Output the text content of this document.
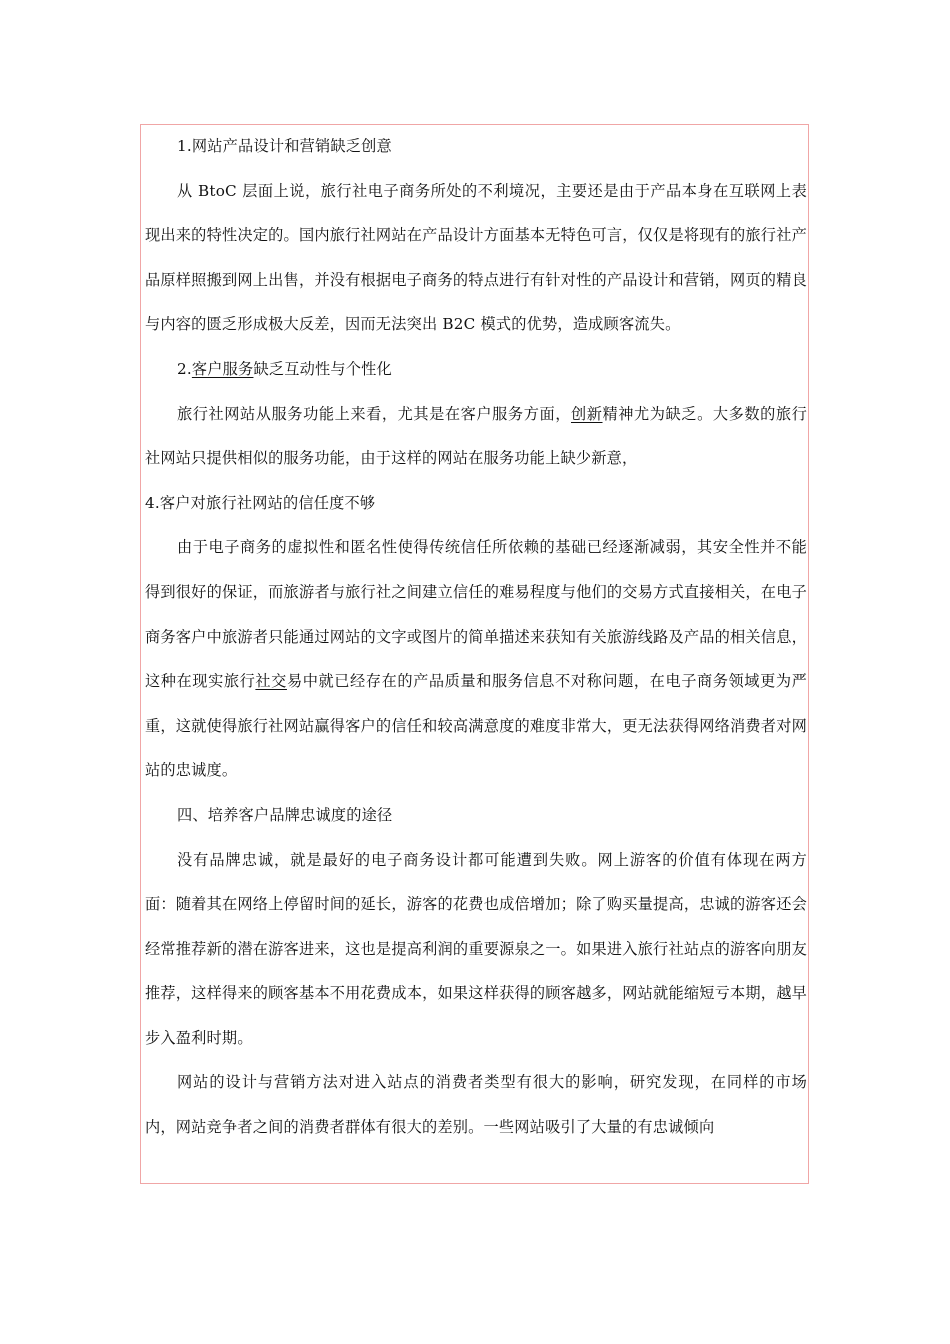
1.网站产品设计和营销缺乏创意

从 BtoC 层面上说，旅行社电子商务所处的不利境况，主要还是由于产品本身在互联网上表现出来的特性决定的。国内旅行社网站在产品设计方面基本无特色可言，仅仅是将现有的旅行社产品原样照搬到网上出售，并没有根据电子商务的特点进行有针对性的产品设计和营销，网页的精良与内容的匮乏形成极大反差，因而无法突出 B2C 模式的优势，造成顾客流失。

2.客户服务缺乏互动性与个性化

旅行社网站从服务功能上来看，尤其是在客户服务方面，创新精神尤为缺乏。大多数的旅行社网站只提供相似的服务功能，由于这样的网站在服务功能上缺少新意，

4.客户对旅行社网站的信任度不够

由于电子商务的虚拟性和匿名性使得传统信任所依赖的基础已经逐渐减弱，其安全性并不能得到很好的保证，而旅游者与旅行社之间建立信任的难易程度与他们的交易方式直接相关，在电子商务客户中旅游者只能通过网站的文字或图片的简单描述来获知有关旅游线路及产品的相关信息，这种在现实旅行社交易中就已经存在的产品质量和服务信息不对称问题，在电子商务领域更为严重，这就使得旅行社网站赢得客户的信任和较高满意度的难度非常大，更无法获得网络消费者对网站的忠诚度。

四、培养客户品牌忠诚度的途径

没有品牌忠诚，就是最好的电子商务设计都可能遭到失败。网上游客的价值有体现在两方面：随着其在网络上停留时间的延长，游客的花费也成倍增加；除了购买量提高，忠诚的游客还会经常推荐新的潜在游客进来，这也是提高利润的重要源泉之一。如果进入旅行社站点的游客向朋友推荐，这样得来的顾客基本不用花费成本，如果这样获得的顾客越多，网站就能缩短亏本期，越早步入盈利时期。

网站的设计与营销方法对进入站点的消费者类型有很大的影响，研究发现，在同样的市场内，网站竞争者之间的消费者群体有很大的差别。一些网站吸引了大量的有忠诚倾向
